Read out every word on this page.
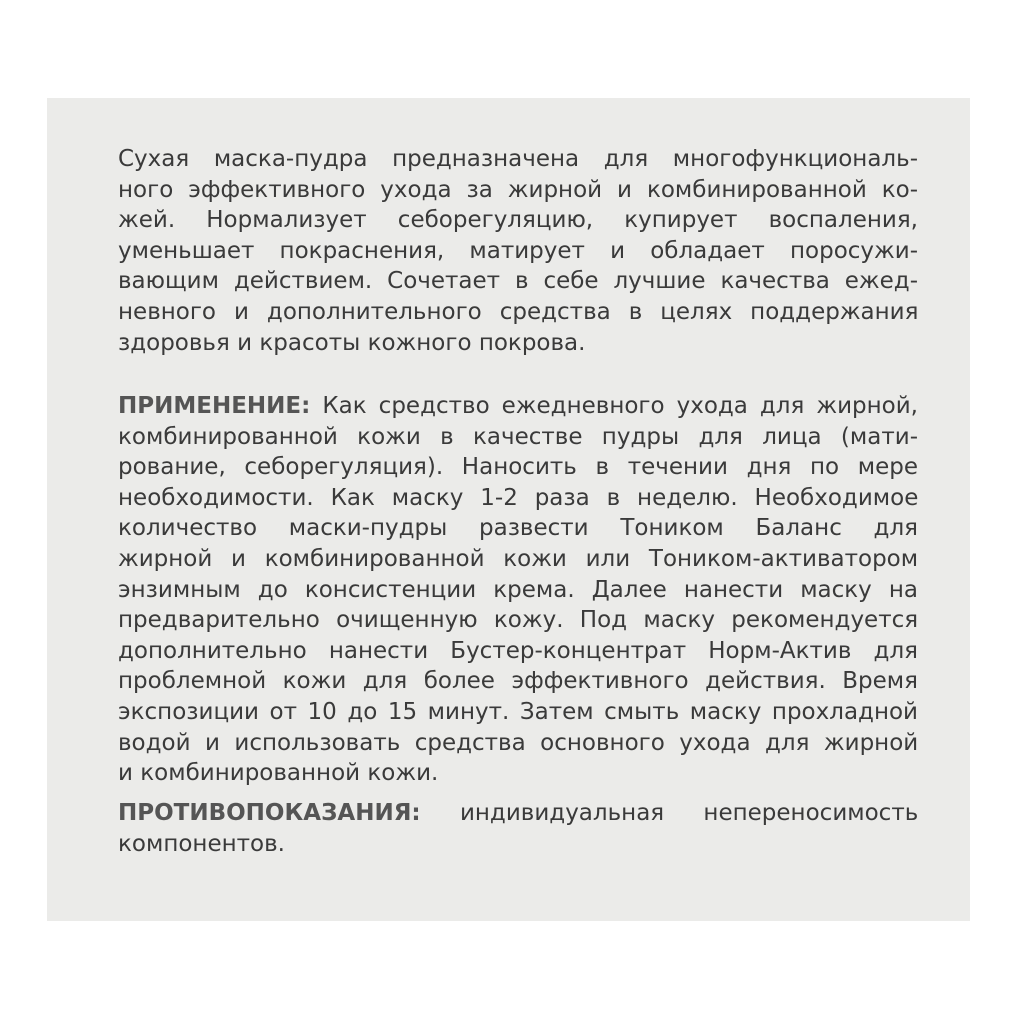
Сухая маска-пудра предназначена для многофункциональ-
ного эффективного ухода за жирной и комбинированной ко-
жей. Нормализует себорегуляцию, купирует воспаления,
уменьшает покраснения, матирует и обладает поросужи-
вающим действием. Сочетает в себе лучшие качества ежед-
невного и дополнительного средства в целях поддержания
здоровья и красоты кожного покрова.
ПРИМЕНЕНИЕ: Как средство ежедневного ухода для жирной,
комбинированной кожи в качестве пудры для лица (мати-
рование, себорегуляция). Наносить в течении дня по мере
необходимости. Как маску 1-2 раза в неделю. Необходимое
количество маски-пудры развести Тоником Баланс для
жирной и комбинированной кожи или Тоником-активатором
энзимным до консистенции крема. Далее нанести маску на
предварительно очищенную кожу. Под маску рекомендуется
дополнительно нанести Бустер-концентрат Норм-Актив для
проблемной кожи для более эффективного действия. Время
экспозиции от 10 до 15 минут. Затем смыть маску прохладной
водой и использовать средства основного ухода для жирной
и комбинированной кожи.
ПРОТИВОПОКАЗАНИЯ: индивидуальная непереносимость
компонентов.
